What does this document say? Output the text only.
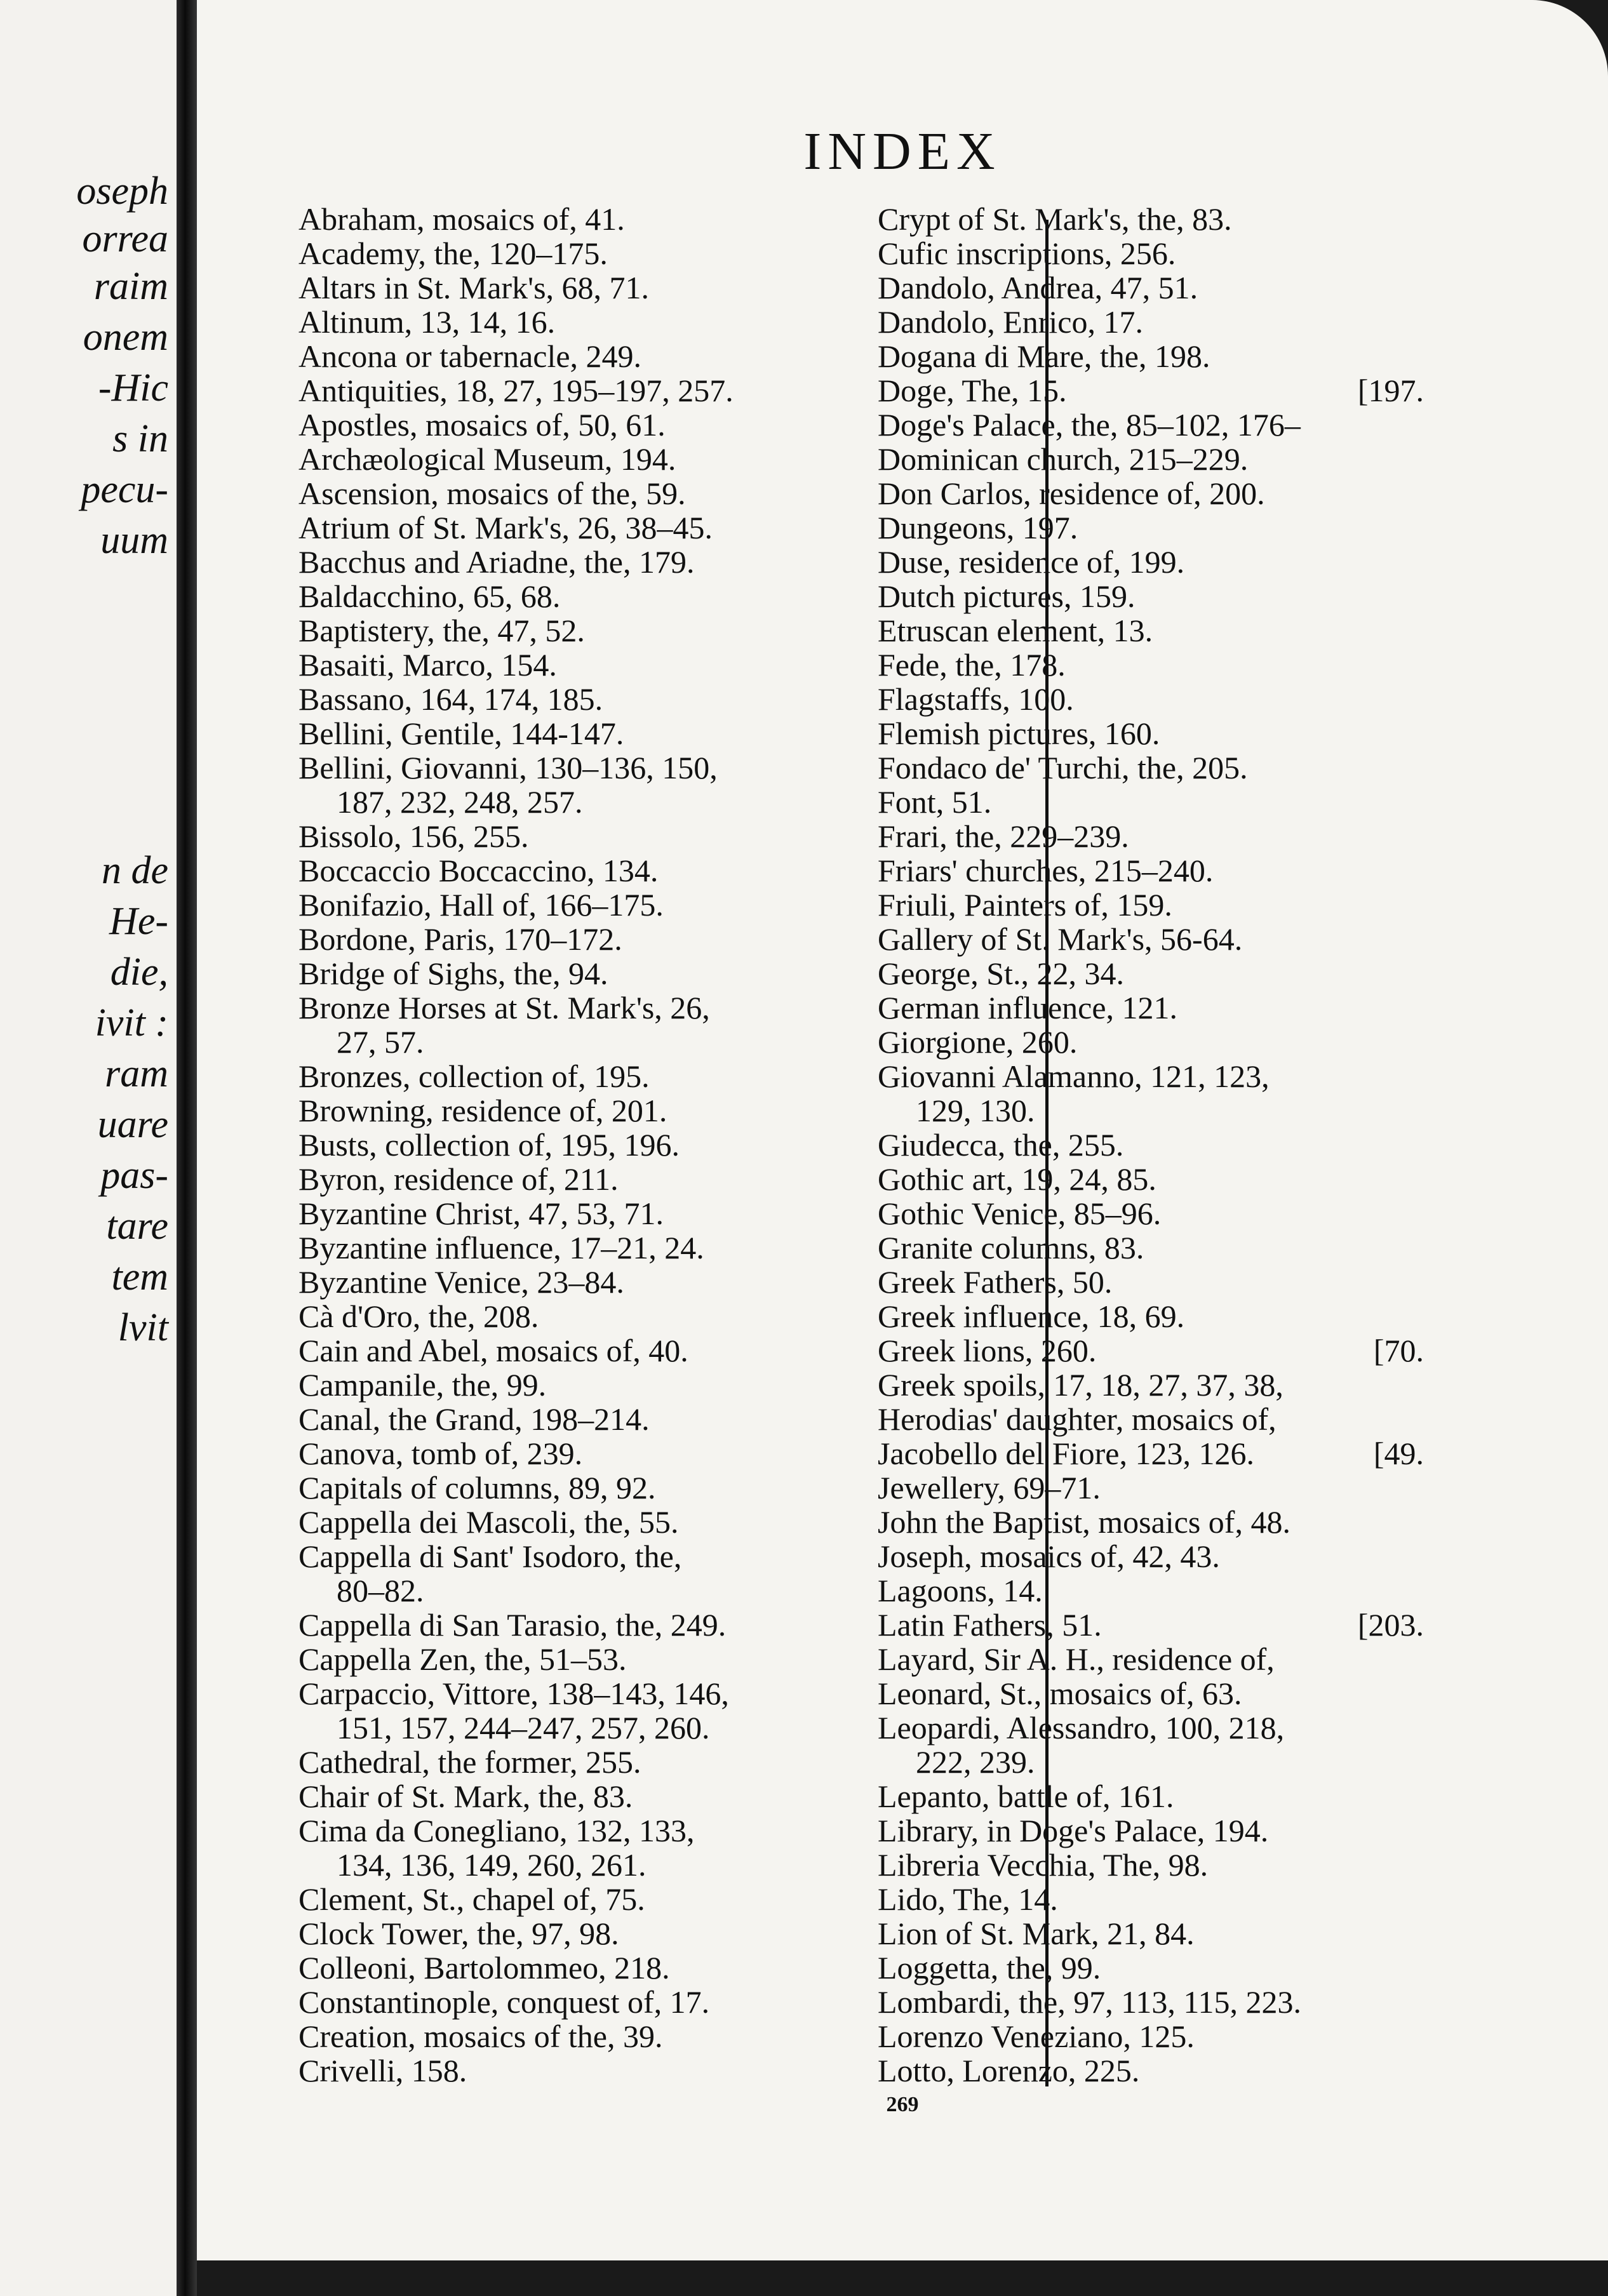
oseph
orrea
raim
onem
-Hic
s in
pecu-
uum
n de
He-
die,
ivit :
ram
uare
pas-
tare
tem
lvit
INDEX
Abraham, mosaics of, 41.
Academy, the, 120–175.
Altars in St. Mark's, 68, 71.
Altinum, 13, 14, 16.
Ancona or tabernacle, 249.
Antiquities, 18, 27, 195–197, 257.
Apostles, mosaics of, 50, 61.
Archæological Museum, 194.
Ascension, mosaics of the, 59.
Atrium of St. Mark's, 26, 38–45.
Bacchus and Ariadne, the, 179.
Baldacchino, 65, 68.
Baptistery, the, 47, 52.
Basaiti, Marco, 154.
Bassano, 164, 174, 185.
Bellini, Gentile, 144-147.
Bellini, Giovanni, 130–136, 150,
187, 232, 248, 257.
Bissolo, 156, 255.
Boccaccio Boccaccino, 134.
Bonifazio, Hall of, 166–175.
Bordone, Paris, 170–172.
Bridge of Sighs, the, 94.
Bronze Horses at St. Mark's, 26,
27, 57.
Bronzes, collection of, 195.
Browning, residence of, 201.
Busts, collection of, 195, 196.
Byron, residence of, 211.
Byzantine Christ, 47, 53, 71.
Byzantine influence, 17–21, 24.
Byzantine Venice, 23–84.
Cà d'Oro, the, 208.
Cain and Abel, mosaics of, 40.
Campanile, the, 99.
Canal, the Grand, 198–214.
Canova, tomb of, 239.
Capitals of columns, 89, 92.
Cappella dei Mascoli, the, 55.
Cappella di Sant' Isodoro, the,
80–82.
Cappella di San Tarasio, the, 249.
Cappella Zen, the, 51–53.
Carpaccio, Vittore, 138–143, 146,
151, 157, 244–247, 257, 260.
Cathedral, the former, 255.
Chair of St. Mark, the, 83.
Cima da Conegliano, 132, 133,
134, 136, 149, 260, 261.
Clement, St., chapel of, 75.
Clock Tower, the, 97, 98.
Colleoni, Bartolommeo, 218.
Constantinople, conquest of, 17.
Creation, mosaics of the, 39.
Crivelli, 158.
Crypt of St. Mark's, the, 83.
Cufic inscriptions, 256.
Dandolo, Andrea, 47, 51.
Dandolo, Enrico, 17.
Dogana di Mare, the, 198.
Doge, The, 15.	[197.
Doge's Palace, the, 85–102, 176–
Dominican church, 215–229.
Don Carlos, residence of, 200.
Dungeons, 197.
Duse, residence of, 199.
Dutch pictures, 159.
Etruscan element, 13.
Fede, the, 178.
Flagstaffs, 100.
Flemish pictures, 160.
Fondaco de' Turchi, the, 205.
Font, 51.
Frari, the, 229–239.
Friars' churches, 215–240.
Friuli, Painters of, 159.
Gallery of St. Mark's, 56-64.
George, St., 22, 34.
German influence, 121.
Giorgione, 260.
Giovanni Alamanno, 121, 123,
129, 130.
Giudecca, the, 255.
Gothic art, 19, 24, 85.
Gothic Venice, 85–96.
Granite columns, 83.
Greek Fathers, 50.
Greek influence, 18, 69.
Greek lions, 260.	[70.
Greek spoils, 17, 18, 27, 37, 38,
Herodias' daughter, mosaics of,
Jacobello del Fiore, 123, 126.	[49.
Jewellery, 69–71.
John the Baptist, mosaics of, 48.
Joseph, mosaics of, 42, 43.
Lagoons, 14.
Latin Fathers, 51.	[203.
Layard, Sir A. H., residence of,
Leonard, St., mosaics of, 63.
Leopardi, Alessandro, 100, 218,
222, 239.
Lepanto, battle of, 161.
Library, in Doge's Palace, 194.
Libreria Vecchia, The, 98.
Lido, The, 14.
Lion of St. Mark, 21, 84.
Loggetta, the, 99.
Lombardi, the, 97, 113, 115, 223.
Lorenzo Veneziano, 125.
Lotto, Lorenzo, 225.
269
